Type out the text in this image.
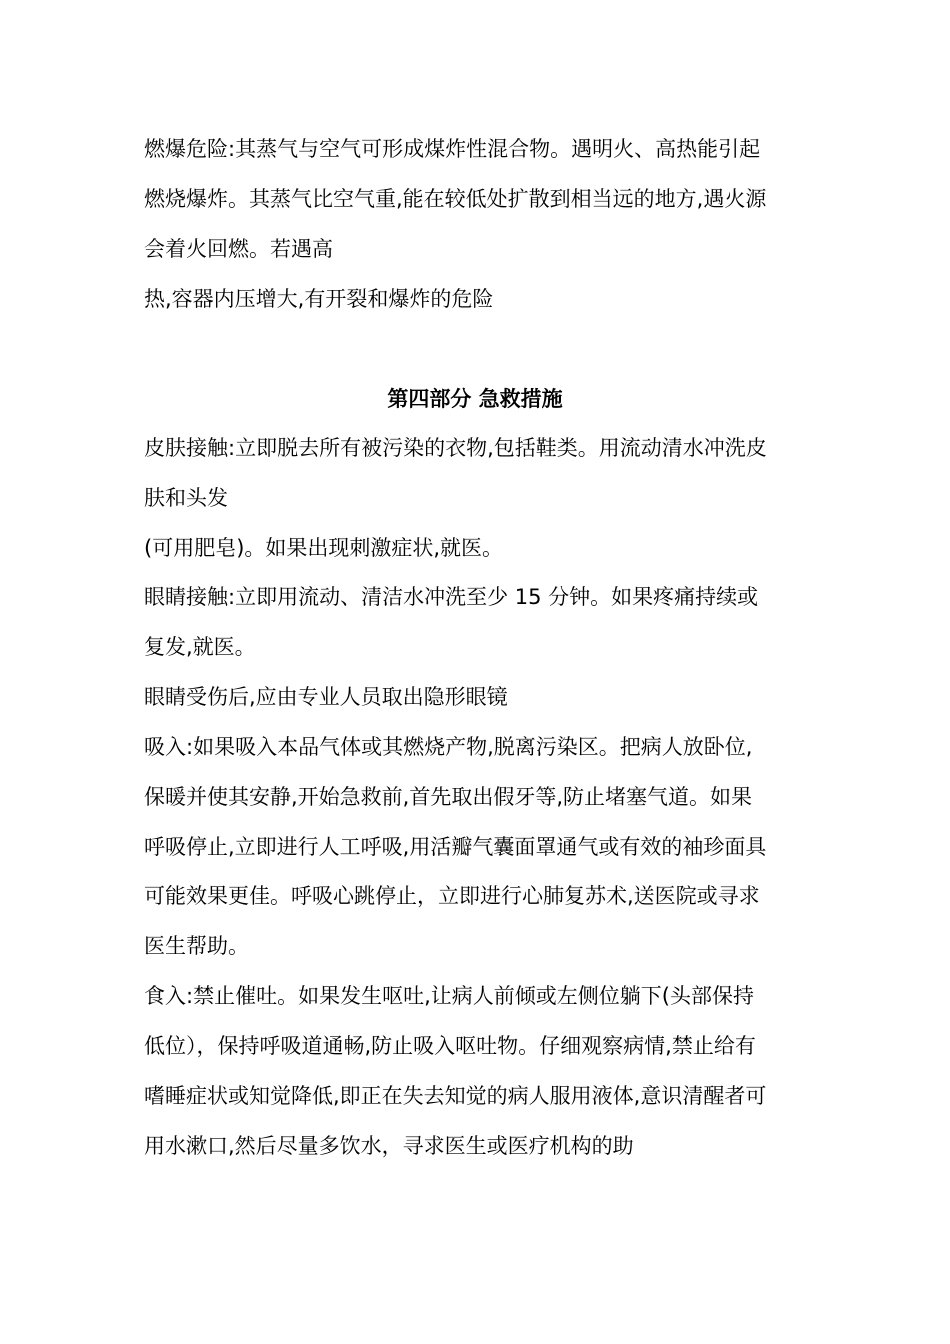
燃爆危险:其蒸气与空气可形成煤炸性混合物。遇明火、高热能引起
燃烧爆炸。其蒸气比空气重,能在较低处扩散到相当远的地方,遇火源
会着火回燃。若遇高
热,容器内压增大,有开裂和爆炸的危险
第四部分 急救措施
皮肤接触:立即脱去所有被污染的衣物,包括鞋类。用流动清水冲洗皮
肤和头发
(可用肥皂)。如果出现刺激症状,就医。
眼睛接触:立即用流动、清洁水冲洗至少 15 分钟。如果疼痛持续或
复发,就医。
眼睛受伤后,应由专业人员取出隐形眼镜
吸入:如果吸入本品气体或其燃烧产物,脱离污染区。把病人放卧位,
保暖并使其安静,开始急救前,首先取出假牙等,防止堵塞气道。如果
呼吸停止,立即进行人工呼吸,用活瓣气囊面罩通气或有效的袖珍面具
可能效果更佳。呼吸心跳停止，立即进行心肺复苏术,送医院或寻求
医生帮助。
食入:禁止催吐。如果发生呕吐,让病人前倾或左侧位躺下(头部保持
低位），保持呼吸道通畅,防止吸入呕吐物。仔细观察病情,禁止给有
嗜睡症状或知觉降低,即正在失去知觉的病人服用液体,意识清醒者可
用水漱口,然后尽量多饮水，寻求医生或医疗机构的助
